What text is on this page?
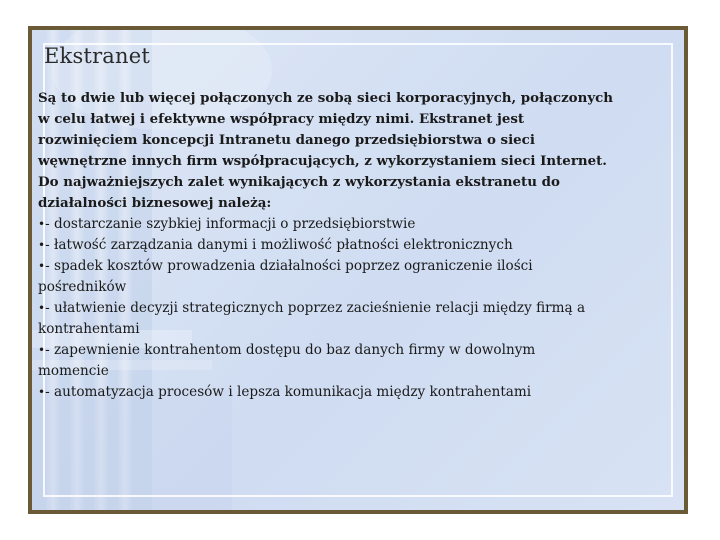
Ekstranet

Są to dwie lub więcej połączonych ze sobą sieci korporacyjnych, połączonych
w celu łatwej i efektywne współpracy między nimi. Ekstranet jest
rozwinięciem koncepcji Intranetu danego przedsiębiorstwa o sieci
węwnętrzne innych firm współpracujących, z wykorzystaniem sieci Internet.
Do najważniejszych zalet wynikających z wykorzystania ekstranetu do
działalności biznesowej należą:

•- dostarczanie szybkiej informacji o przedsiębiorstwie
•- łatwość zarządzania danymi i możliwość płatności elektronicznych
•- spadek kosztów prowadzenia działalności poprzez ograniczenie ilości
pośredników
•- ułatwienie decyzji strategicznych poprzez zacieśnienie relacji między firmą a
kontrahentami
•- zapewnienie kontrahentom dostępu do baz danych firmy w dowolnym
momencie
•- automatyzacja procesów i lepsza komunikacja między kontrahentami
